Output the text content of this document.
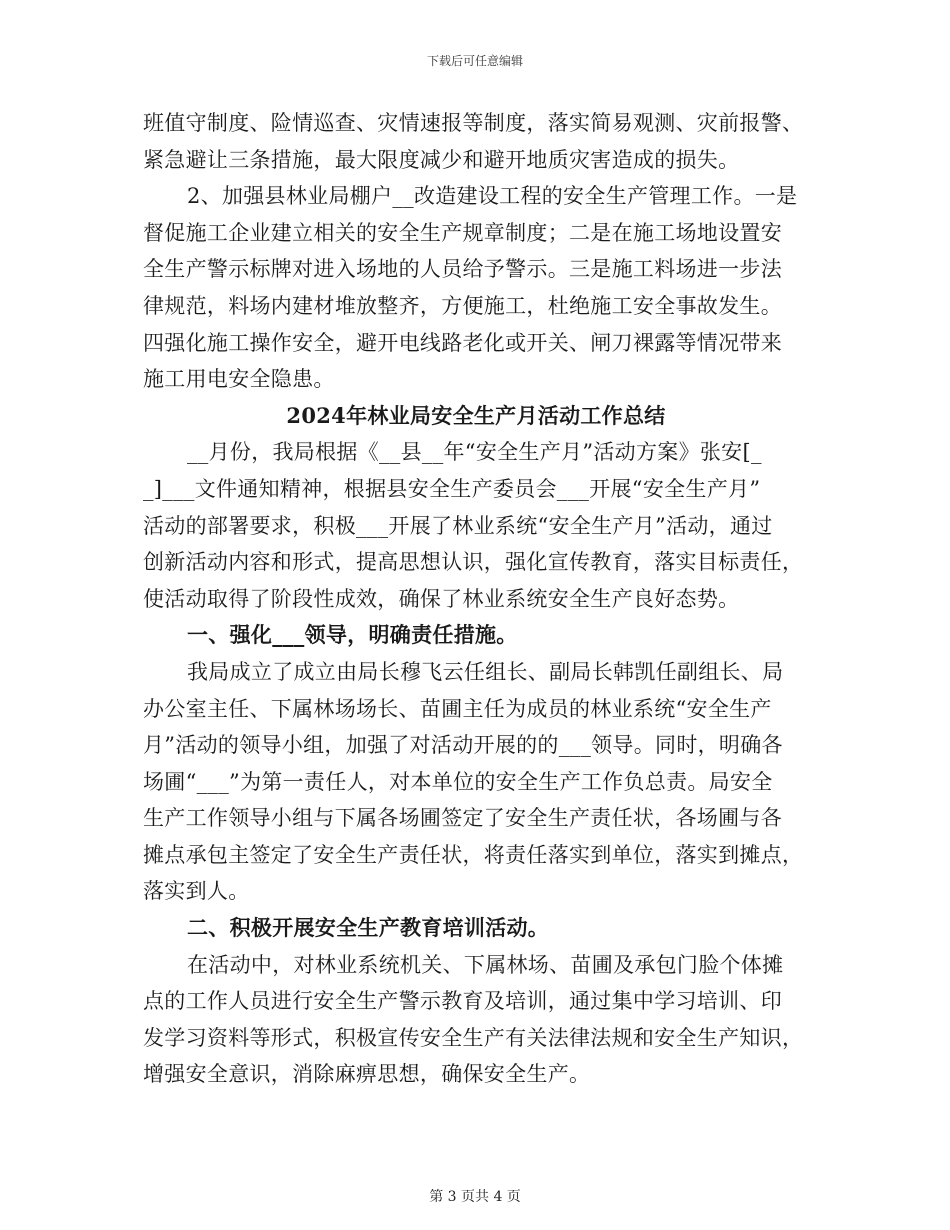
下载后可任意编辑
班值守制度、险情巡查、灾情速报等制度，落实简易观测、灾前报警、
紧急避让三条措施，最大限度减少和避开地质灾害造成的损失。
2、加强县林业局棚户__改造建设工程的安全生产管理工作。一是
督促施工企业建立相关的安全生产规章制度；二是在施工场地设置安
全生产警示标牌对进入场地的人员给予警示。三是施工料场进一步法
律规范，料场内建材堆放整齐，方便施工，杜绝施工安全事故发生。
四强化施工操作安全，避开电线路老化或开关、闸刀裸露等情况带来
施工用电安全隐患。
2024年林业局安全生产月活动工作总结
__月份，我局根据《__县__年“安全生产月”活动方案》张安[_
_]___文件通知精神，根据县安全生产委员会___开展“安全生产月”
活动的部署要求，积极___开展了林业系统“安全生产月”活动，通过
创新活动内容和形式，提高思想认识，强化宣传教育，落实目标责任，
使活动取得了阶段性成效，确保了林业系统安全生产良好态势。
一、强化___领导，明确责任措施。
我局成立了成立由局长穆飞云任组长、副局长韩凯任副组长、局
办公室主任、下属林场场长、苗圃主任为成员的林业系统“安全生产
月”活动的领导小组，加强了对活动开展的的___领导。同时，明确各
场圃“___”为第一责任人，对本单位的安全生产工作负总责。局安全
生产工作领导小组与下属各场圃签定了安全生产责任状，各场圃与各
摊点承包主签定了安全生产责任状，将责任落实到单位，落实到摊点，
落实到人。
二、积极开展安全生产教育培训活动。
在活动中，对林业系统机关、下属林场、苗圃及承包门脸个体摊
点的工作人员进行安全生产警示教育及培训，通过集中学习培训、印
发学习资料等形式，积极宣传安全生产有关法律法规和安全生产知识，
增强安全意识，消除麻痹思想，确保安全生产。
第 3 页共 4 页
